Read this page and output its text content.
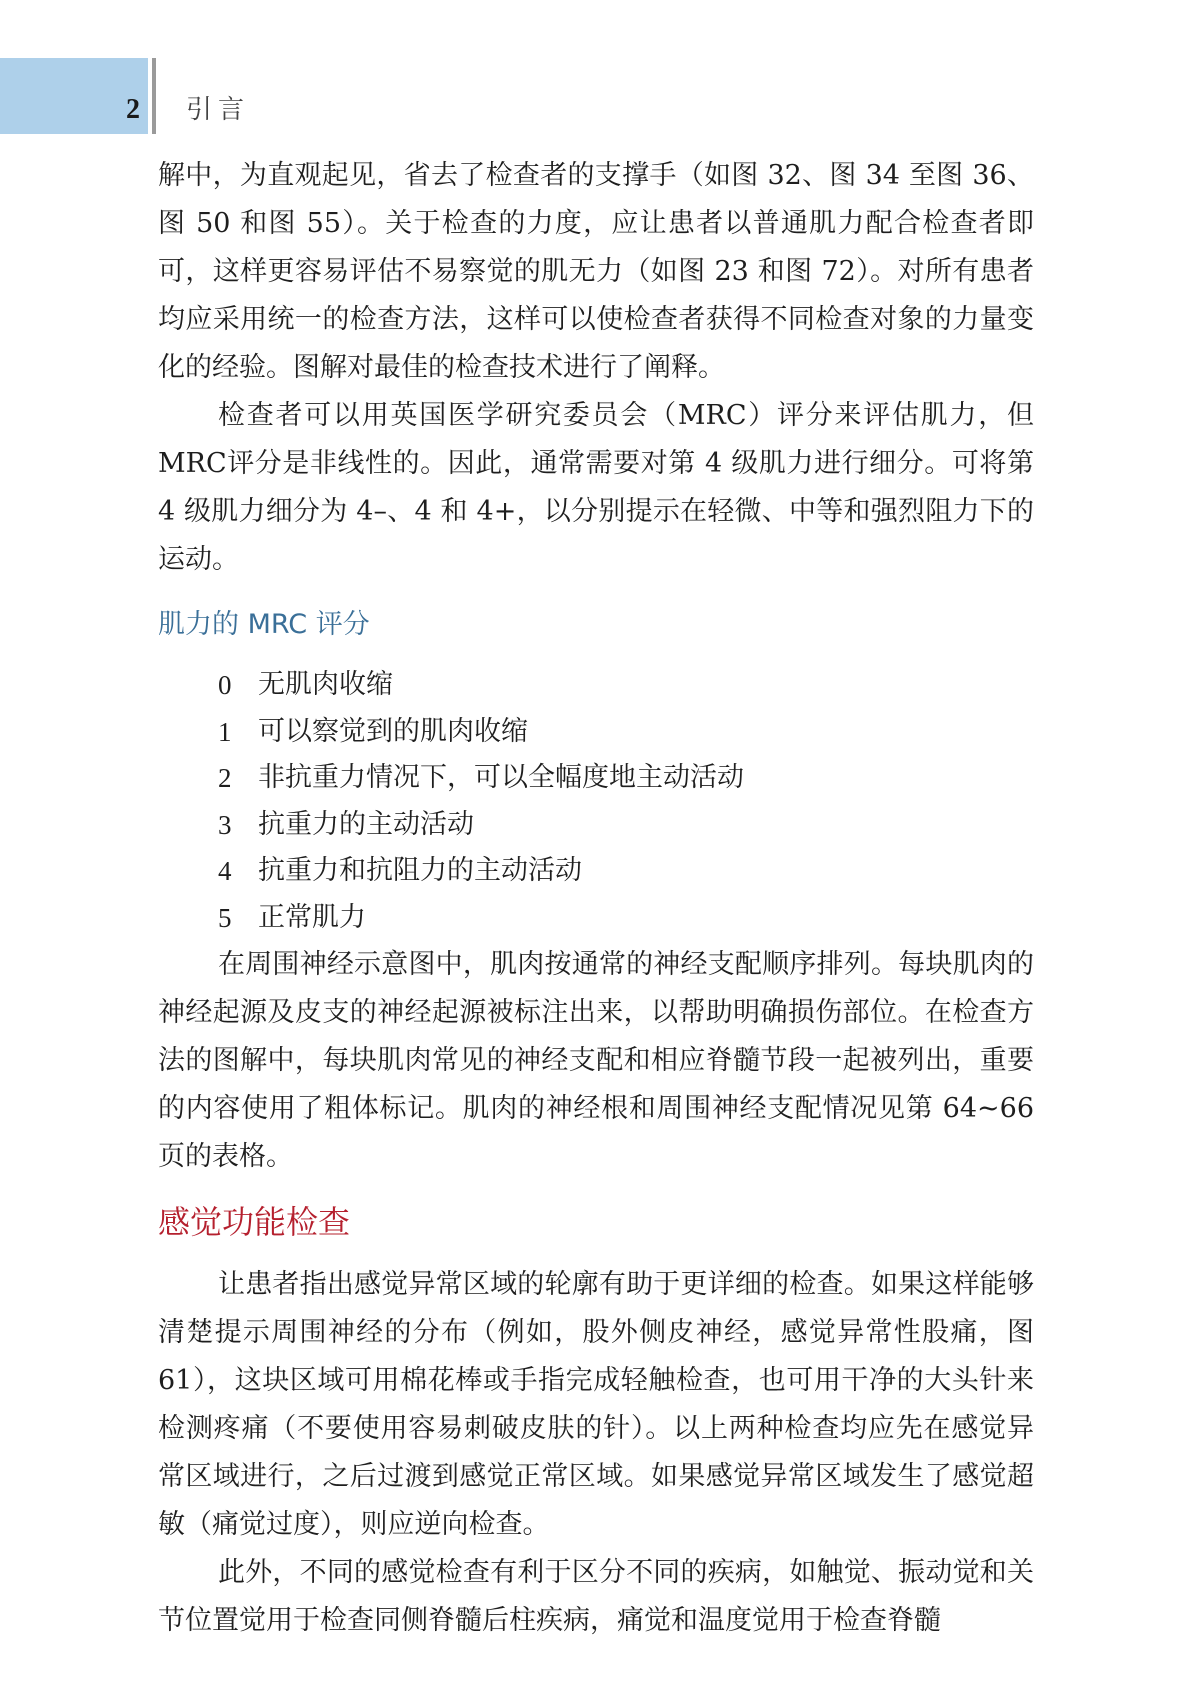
2 引言

解中，为直观起见，省去了检查者的支撑手（如图 32、图 34 至图 36、图 50 和图 55）。关于检查的力度，应让患者以普通肌力配合检查者即可，这样更容易评估不易察觉的肌无力（如图 23 和图 72）。对所有患者均应采用统一的检查方法，这样可以使检查者获得不同检查对象的力量变化的经验。图解对最佳的检查技术进行了阐释。

检查者可以用英国医学研究委员会（MRC）评分来评估肌力，但MRC评分是非线性的。因此，通常需要对第 4 级肌力进行细分。可将第 4 级肌力细分为 4–、4 和 4+，以分别提示在轻微、中等和强烈阻力下的运动。

肌力的 MRC 评分
0 无肌肉收缩
1 可以察觉到的肌肉收缩
2 非抗重力情况下，可以全幅度地主动活动
3 抗重力的主动活动
4 抗重力和抗阻力的主动活动
5 正常肌力

在周围神经示意图中，肌肉按通常的神经支配顺序排列。每块肌肉的神经起源及皮支的神经起源被标注出来，以帮助明确损伤部位。在检查方法的图解中，每块肌肉常见的神经支配和相应脊髓节段一起被列出，重要的内容使用了粗体标记。肌肉的神经根和周围神经支配情况见第 64~66 页的表格。

感觉功能检查

让患者指出感觉异常区域的轮廓有助于更详细的检查。如果这样能够清楚提示周围神经的分布（例如，股外侧皮神经，感觉异常性股痛，图 61），这块区域可用棉花棒或手指完成轻触检查，也可用干净的大头针来检测疼痛（不要使用容易刺破皮肤的针）。以上两种检查均应先在感觉异常区域进行，之后过渡到感觉正常区域。如果感觉异常区域发生了感觉超敏（痛觉过度），则应逆向检查。

此外，不同的感觉检查有利于区分不同的疾病，如触觉、振动觉和关节位置觉用于检查同侧脊髓后柱疾病，痛觉和温度觉用于检查脊髓
